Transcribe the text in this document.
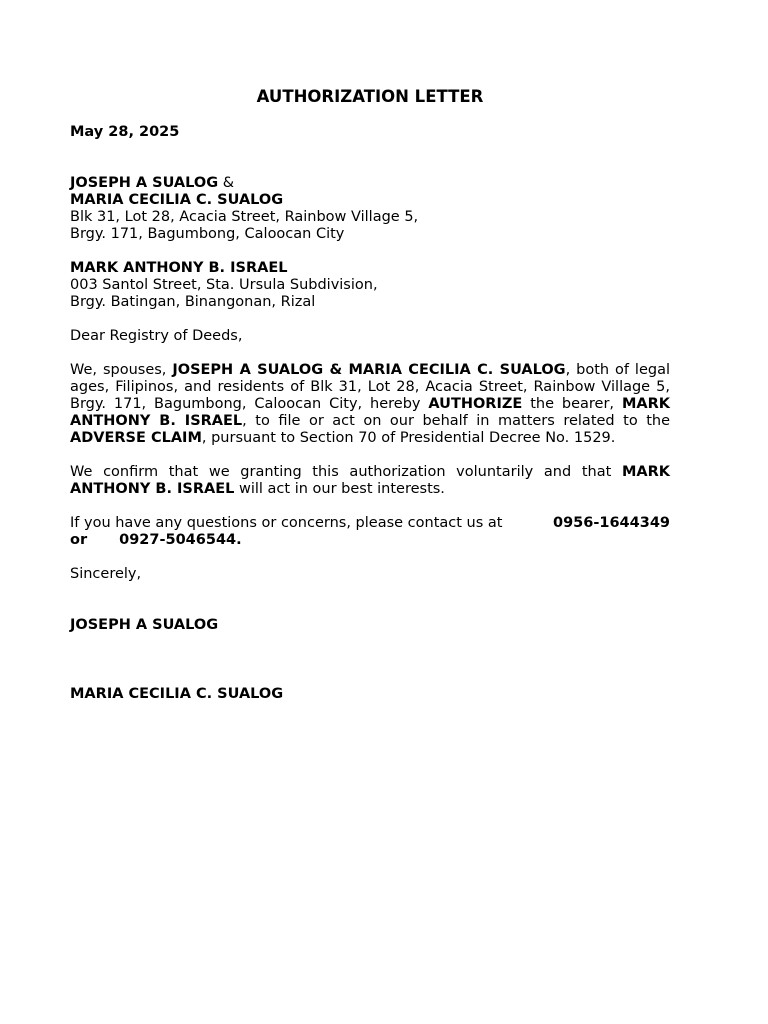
AUTHORIZATION LETTER
May 28, 2025
JOSEPH A SUALOG &
MARIA CECILIA C. SUALOG
Blk 31, Lot 28, Acacia Street, Rainbow Village 5,
Brgy. 171, Bagumbong, Caloocan City
MARK ANTHONY B. ISRAEL
003 Santol Street, Sta. Ursula Subdivision,
Brgy. Batingan, Binangonan, Rizal
Dear Registry of Deeds,
We, spouses, JOSEPH A SUALOG & MARIA CECILIA C. SUALOG, both of legal ages, Filipinos, and residents of Blk 31, Lot 28, Acacia Street, Rainbow Village 5, Brgy. 171, Bagumbong, Caloocan City, hereby AUTHORIZE the bearer, MARK ANTHONY B. ISRAEL, to file or act on our behalf in matters related to the ADVERSE CLAIM, pursuant to Section 70 of Presidential Decree No. 1529.
We confirm that we granting this authorization voluntarily and that MARK ANTHONY B. ISRAEL will act in our best interests.
If you have any questions or concerns, please contact us at	0956-1644349
or 0927-5046544.
Sincerely,
JOSEPH A SUALOG
MARIA CECILIA C. SUALOG
